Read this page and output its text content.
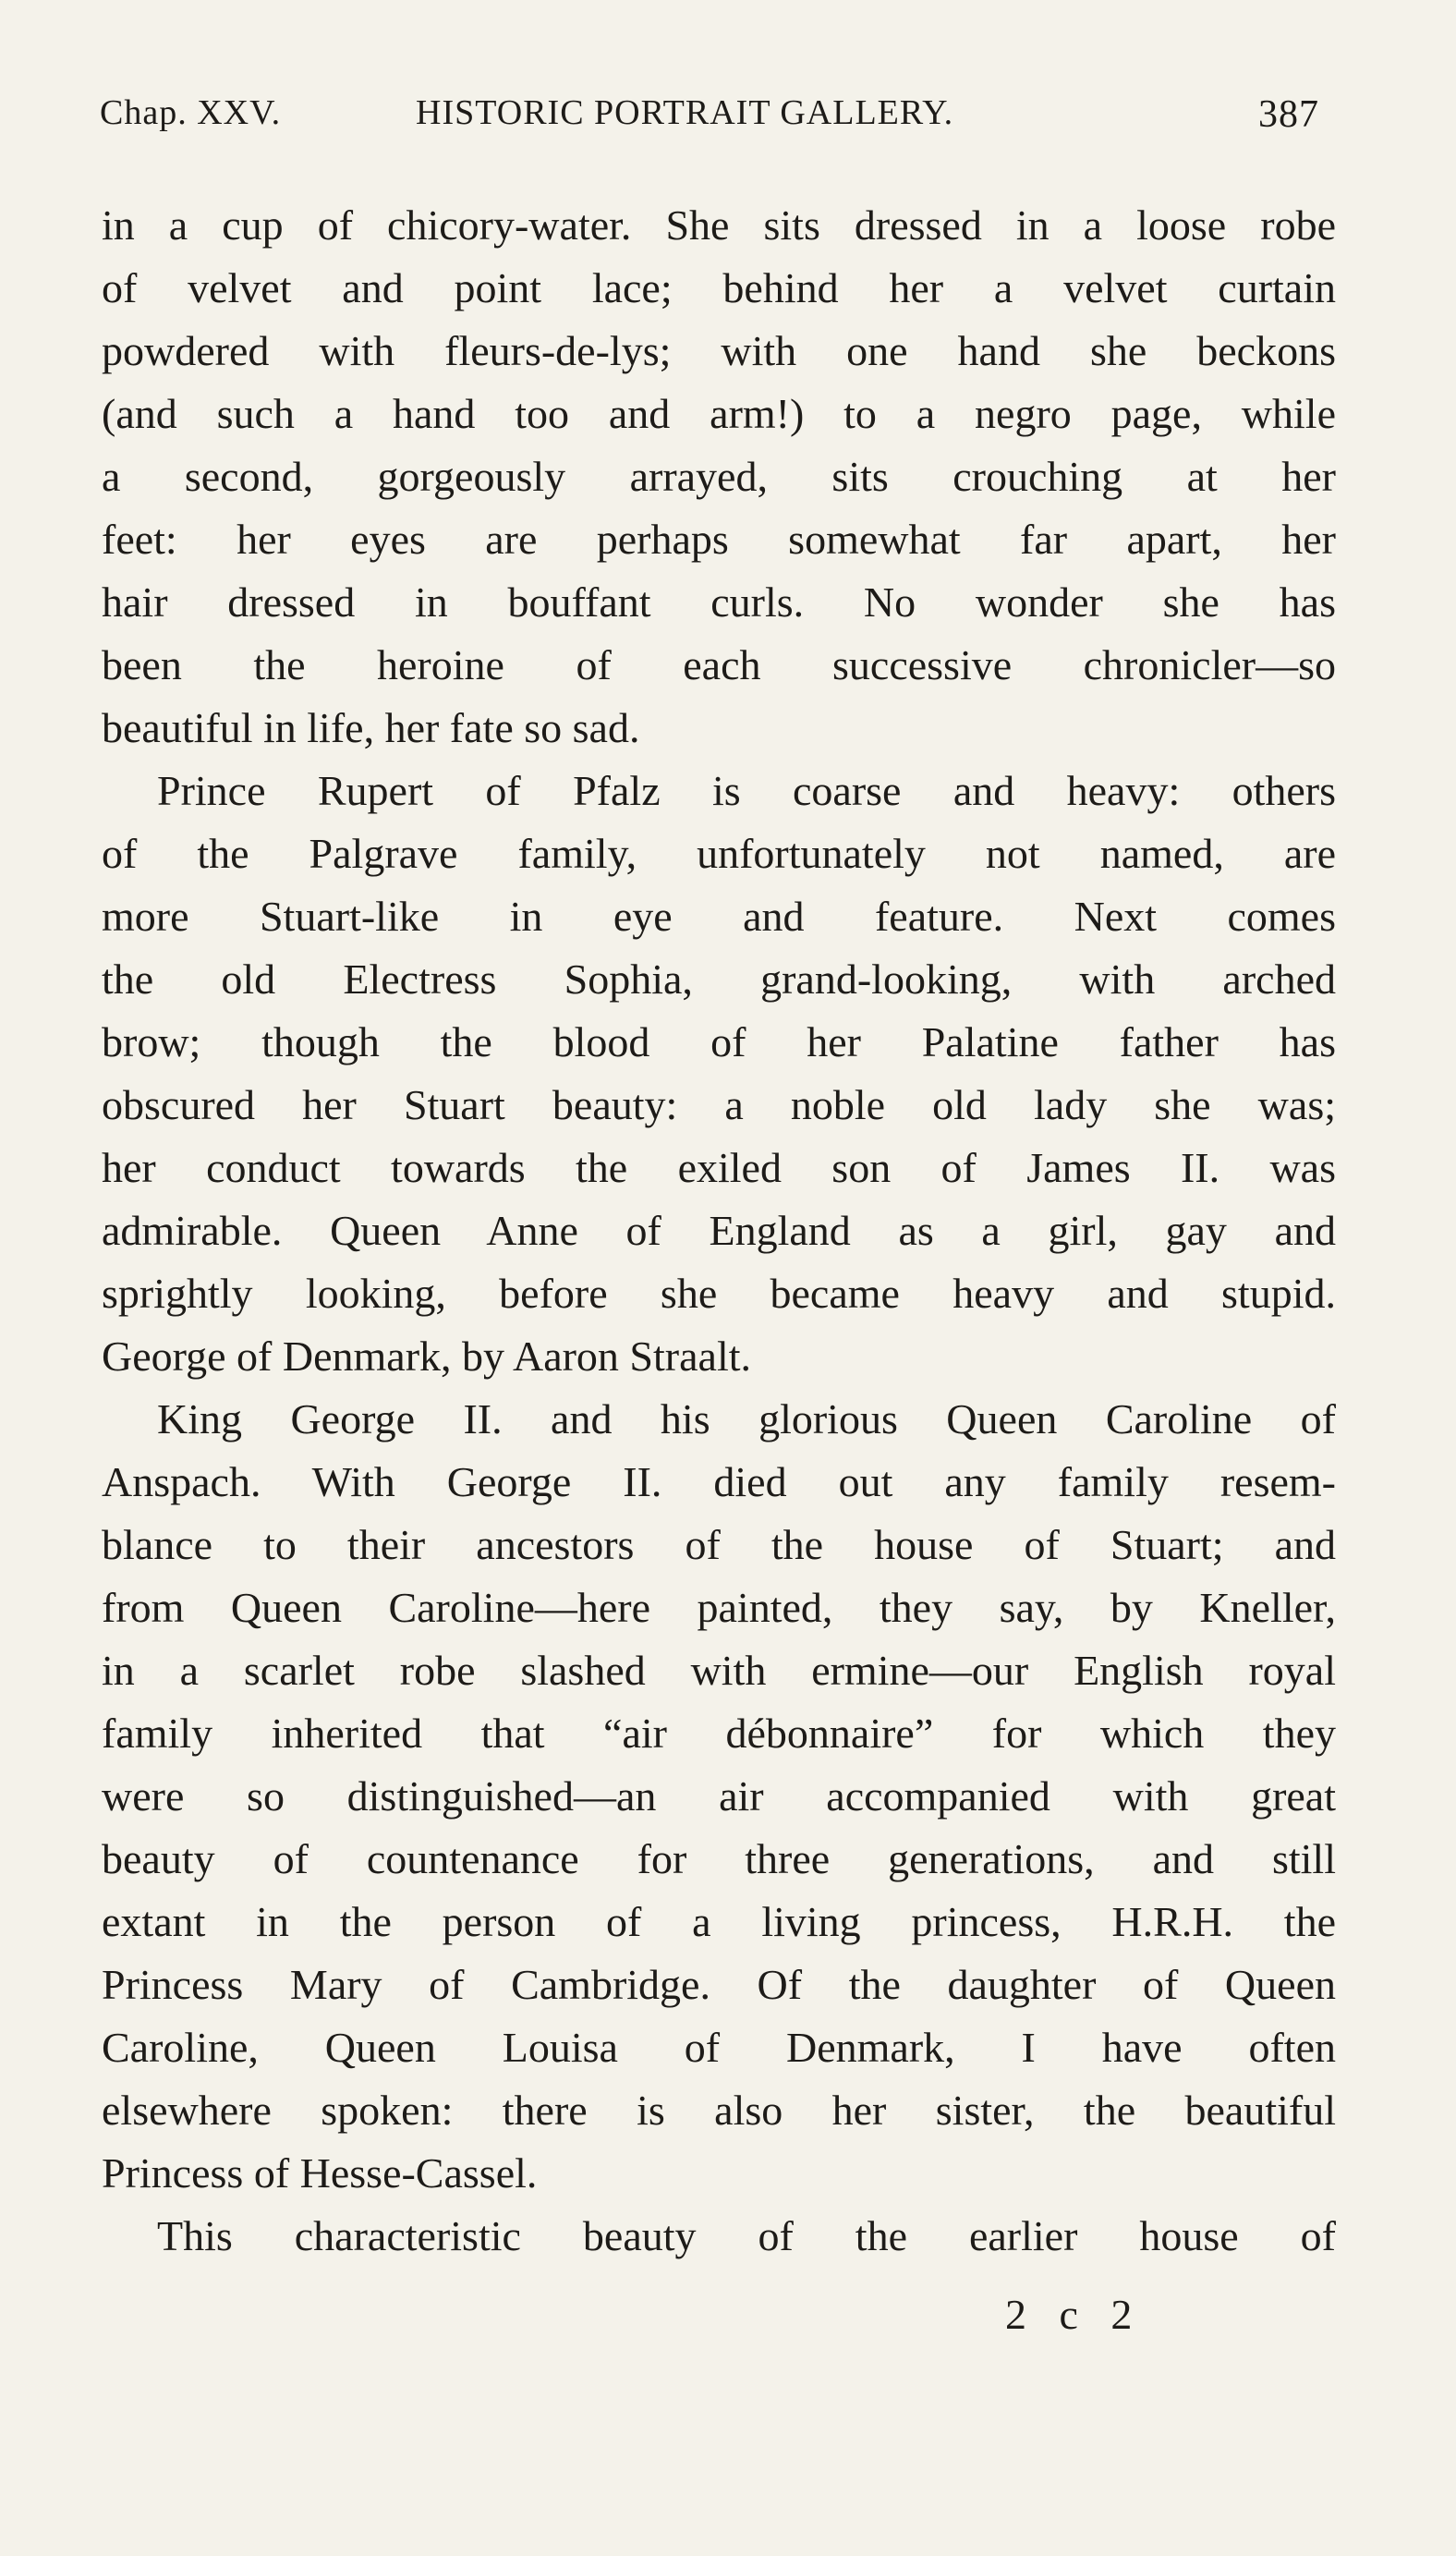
Chap. XXV.	HISTORIC PORTRAIT GALLERY.	387
in a cup of chicory-water. She sits dressed in a loose robe
of velvet and point lace; behind her a velvet curtain
powdered with fleurs-de-lys; with one hand she beckons
(and such a hand too and arm!) to a negro page, while
a second, gorgeously arrayed, sits crouching at her
feet: her eyes are perhaps somewhat far apart, her
hair dressed in bouffant curls. No wonder she has
been the heroine of each successive chronicler—so
beautiful in life, her fate so sad.
Prince Rupert of Pfalz is coarse and heavy: others
of the Palgrave family, unfortunately not named, are
more Stuart-like in eye and feature. Next comes
the old Electress Sophia, grand-looking, with arched
brow; though the blood of her Palatine father has
obscured her Stuart beauty: a noble old lady she was;
her conduct towards the exiled son of James II. was
admirable. Queen Anne of England as a girl, gay and
sprightly looking, before she became heavy and stupid.
George of Denmark, by Aaron Straalt.
King George II. and his glorious Queen Caroline of
Anspach. With George II. died out any family resem-
blance to their ancestors of the house of Stuart; and
from Queen Caroline—here painted, they say, by Kneller,
in a scarlet robe slashed with ermine—our English royal
family inherited that “air débonnaire” for which they
were so distinguished—an air accompanied with great
beauty of countenance for three generations, and still
extant in the person of a living princess, H.R.H. the
Princess Mary of Cambridge. Of the daughter of Queen
Caroline, Queen Louisa of Denmark, I have often
elsewhere spoken: there is also her sister, the beautiful
Princess of Hesse-Cassel.
This characteristic beauty of the earlier house of
2 c 2
